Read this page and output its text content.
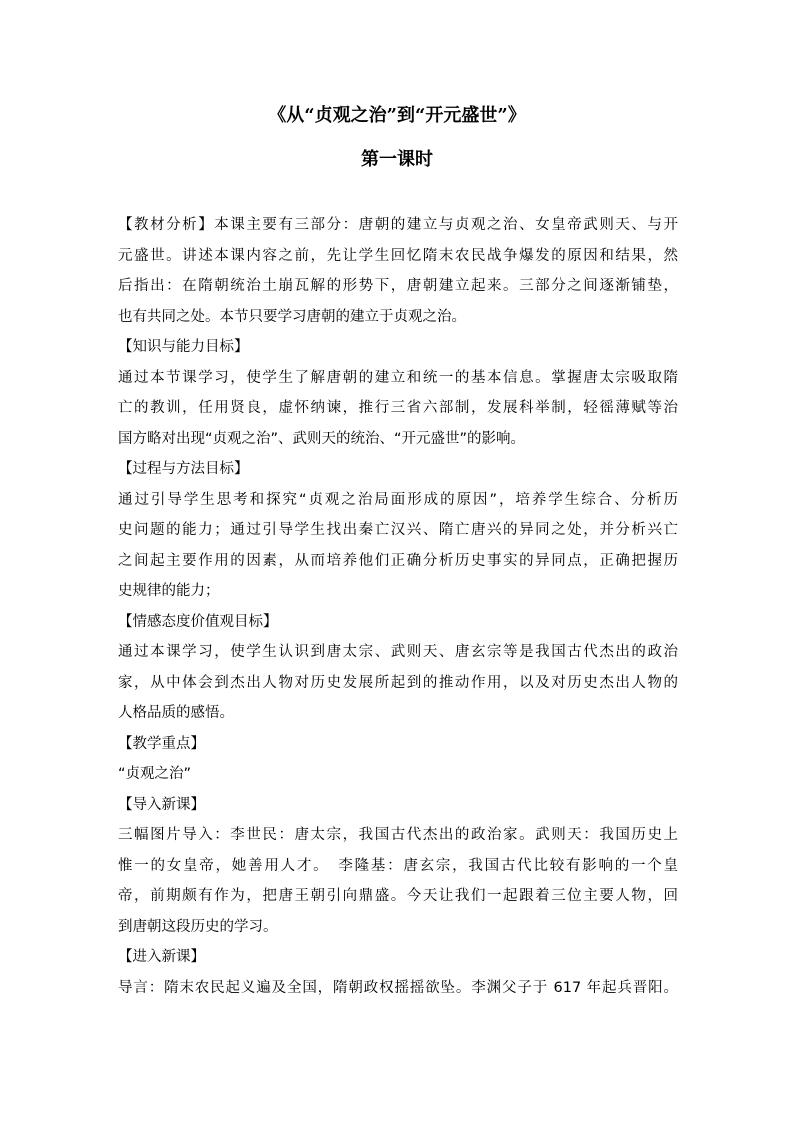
《从“贞观之治”到“开元盛世”》
第一课时
【教材分析】本课主要有三部分：唐朝的建立与贞观之治、女皇帝武则天、与开
元盛世。讲述本课内容之前，先让学生回忆隋末农民战争爆发的原因和结果，然
后指出：在隋朝统治土崩瓦解的形势下，唐朝建立起来。三部分之间逐渐铺垫，
也有共同之处。本节只要学习唐朝的建立于贞观之治。
【知识与能力目标】
通过本节课学习，使学生了解唐朝的建立和统一的基本信息。掌握唐太宗吸取隋
亡的教训，任用贤良，虚怀纳谏，推行三省六部制，发展科举制，轻徭薄赋等治
国方略对出现“贞观之治”、武则天的统治、“开元盛世”的影响。
【过程与方法目标】
通过引导学生思考和探究“贞观之治局面形成的原因”，培养学生综合、分析历
史问题的能力；通过引导学生找出秦亡汉兴、隋亡唐兴的异同之处，并分析兴亡
之间起主要作用的因素，从而培养他们正确分析历史事实的异同点，正确把握历
史规律的能力；
【情感态度价值观目标】
通过本课学习，使学生认识到唐太宗、武则天、唐玄宗等是我国古代杰出的政治
家，从中体会到杰出人物对历史发展所起到的推动作用，以及对历史杰出人物的
人格品质的感悟。
【教学重点】
“贞观之治”
【导入新课】
三幅图片导入：李世民：唐太宗，我国古代杰出的政治家。武则天：我国历史上
惟一的女皇帝，她善用人才。　李隆基：唐玄宗，我国古代比较有影响的一个皇
帝，前期颇有作为，把唐王朝引向鼎盛。今天让我们一起跟着三位主要人物，回
到唐朝这段历史的学习。
【进入新课】
导言：隋末农民起义遍及全国，隋朝政权摇摇欲坠。李渊父子于 617 年起兵晋阳。
